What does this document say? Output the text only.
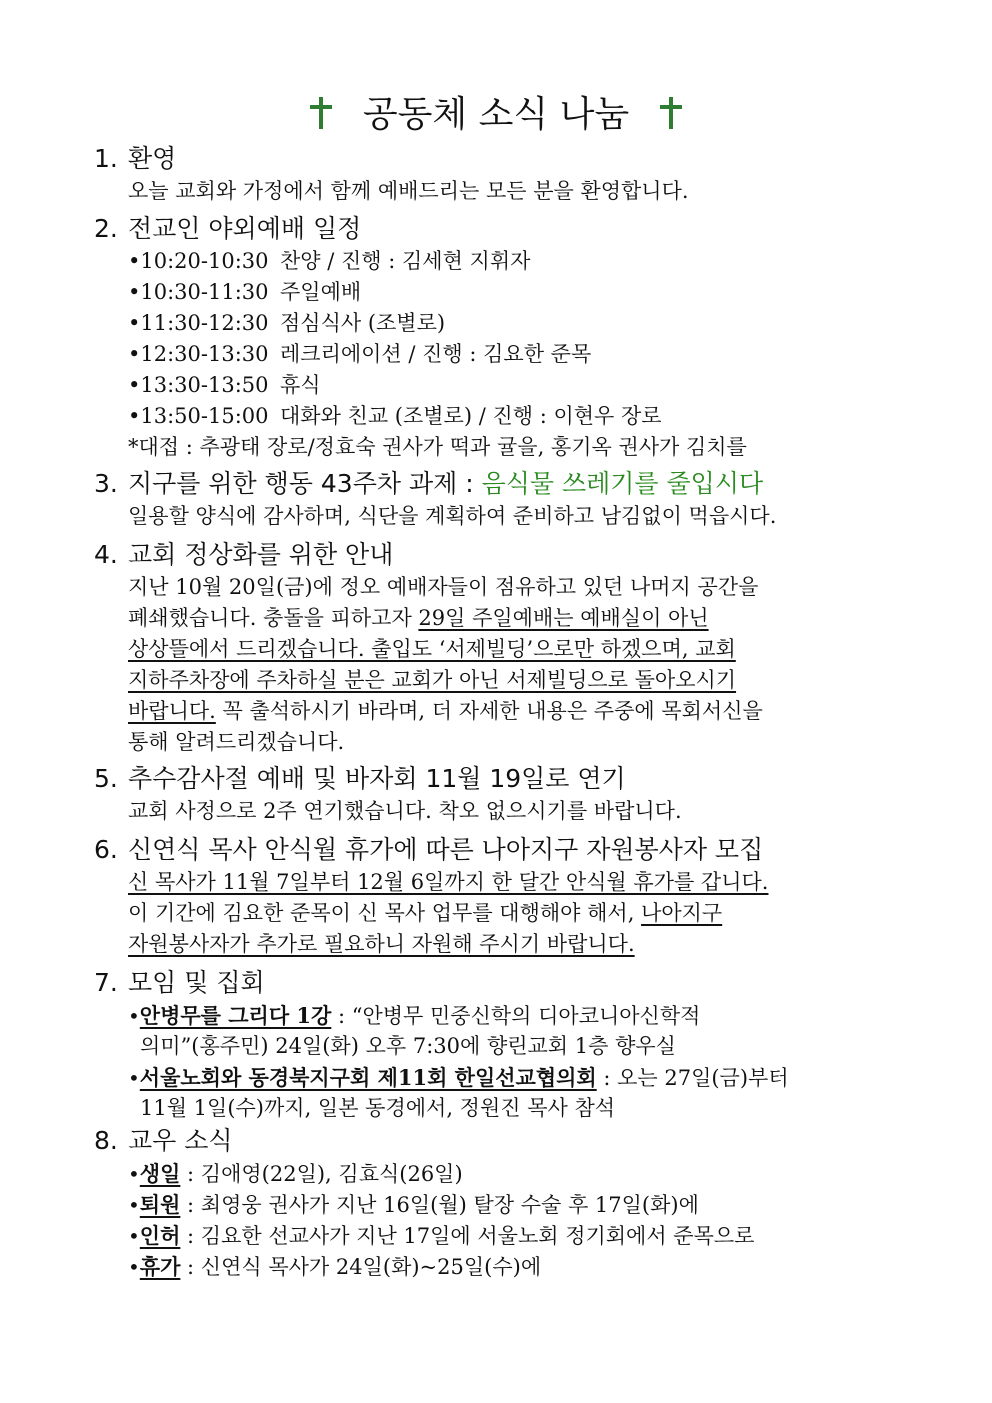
공동체 소식 나눔
1. 환영
오늘 교회와 가정에서 함께 예배드리는 모든 분을 환영합니다.
2. 전교인 야외예배 일정
•10:20-10:30 찬양 / 진행 : 김세현 지휘자
•10:30-11:30 주일예배
•11:30-12:30 점심식사 (조별로)
•12:30-13:30 레크리에이션 / 진행 : 김요한 준목
•13:30-13:50 휴식
•13:50-15:00 대화와 친교 (조별로) / 진행 : 이현우 장로
*대접 : 추광태 장로/정효숙 권사가 떡과 귤을, 홍기옥 권사가 김치를
3. 지구를 위한 행동 43주차 과제 : 음식물 쓰레기를 줄입시다
일용할 양식에 감사하며, 식단을 계획하여 준비하고 남김없이 먹읍시다.
4. 교회 정상화를 위한 안내
지난 10월 20일(금)에 정오 예배자들이 점유하고 있던 나머지 공간을
폐쇄했습니다. 충돌을 피하고자 29일 주일예배는 예배실이 아닌
상상뜰에서 드리겠습니다. 출입도 ‘서제빌딩’으로만 하겠으며, 교회
지하주차장에 주차하실 분은 교회가 아닌 서제빌딩으로 돌아오시기
바랍니다. 꼭 출석하시기 바라며, 더 자세한 내용은 주중에 목회서신을
통해 알려드리겠습니다.
5. 추수감사절 예배 및 바자회 11월 19일로 연기
교회 사정으로 2주 연기했습니다. 착오 없으시기를 바랍니다.
6. 신연식 목사 안식월 휴가에 따른 나아지구 자원봉사자 모집
신 목사가 11월 7일부터 12월 6일까지 한 달간 안식월 휴가를 갑니다.
이 기간에 김요한 준목이 신 목사 업무를 대행해야 해서, 나아지구
자원봉사자가 추가로 필요하니 자원해 주시기 바랍니다.
7. 모임 및 집회
•안병무를 그리다 1강 : “안병무 민중신학의 디아코니아신학적
의미”(홍주민) 24일(화) 오후 7:30에 향린교회 1층 향우실
•서울노회와 동경북지구회 제11회 한일선교협의회 : 오는 27일(금)부터
11월 1일(수)까지, 일본 동경에서, 정원진 목사 참석
8. 교우 소식
•생일 : 김애영(22일), 김효식(26일)
•퇴원 : 최영웅 권사가 지난 16일(월) 탈장 수술 후 17일(화)에
•인허 : 김요한 선교사가 지난 17일에 서울노회 정기회에서 준목으로
•휴가 : 신연식 목사가 24일(화)~25일(수)에
